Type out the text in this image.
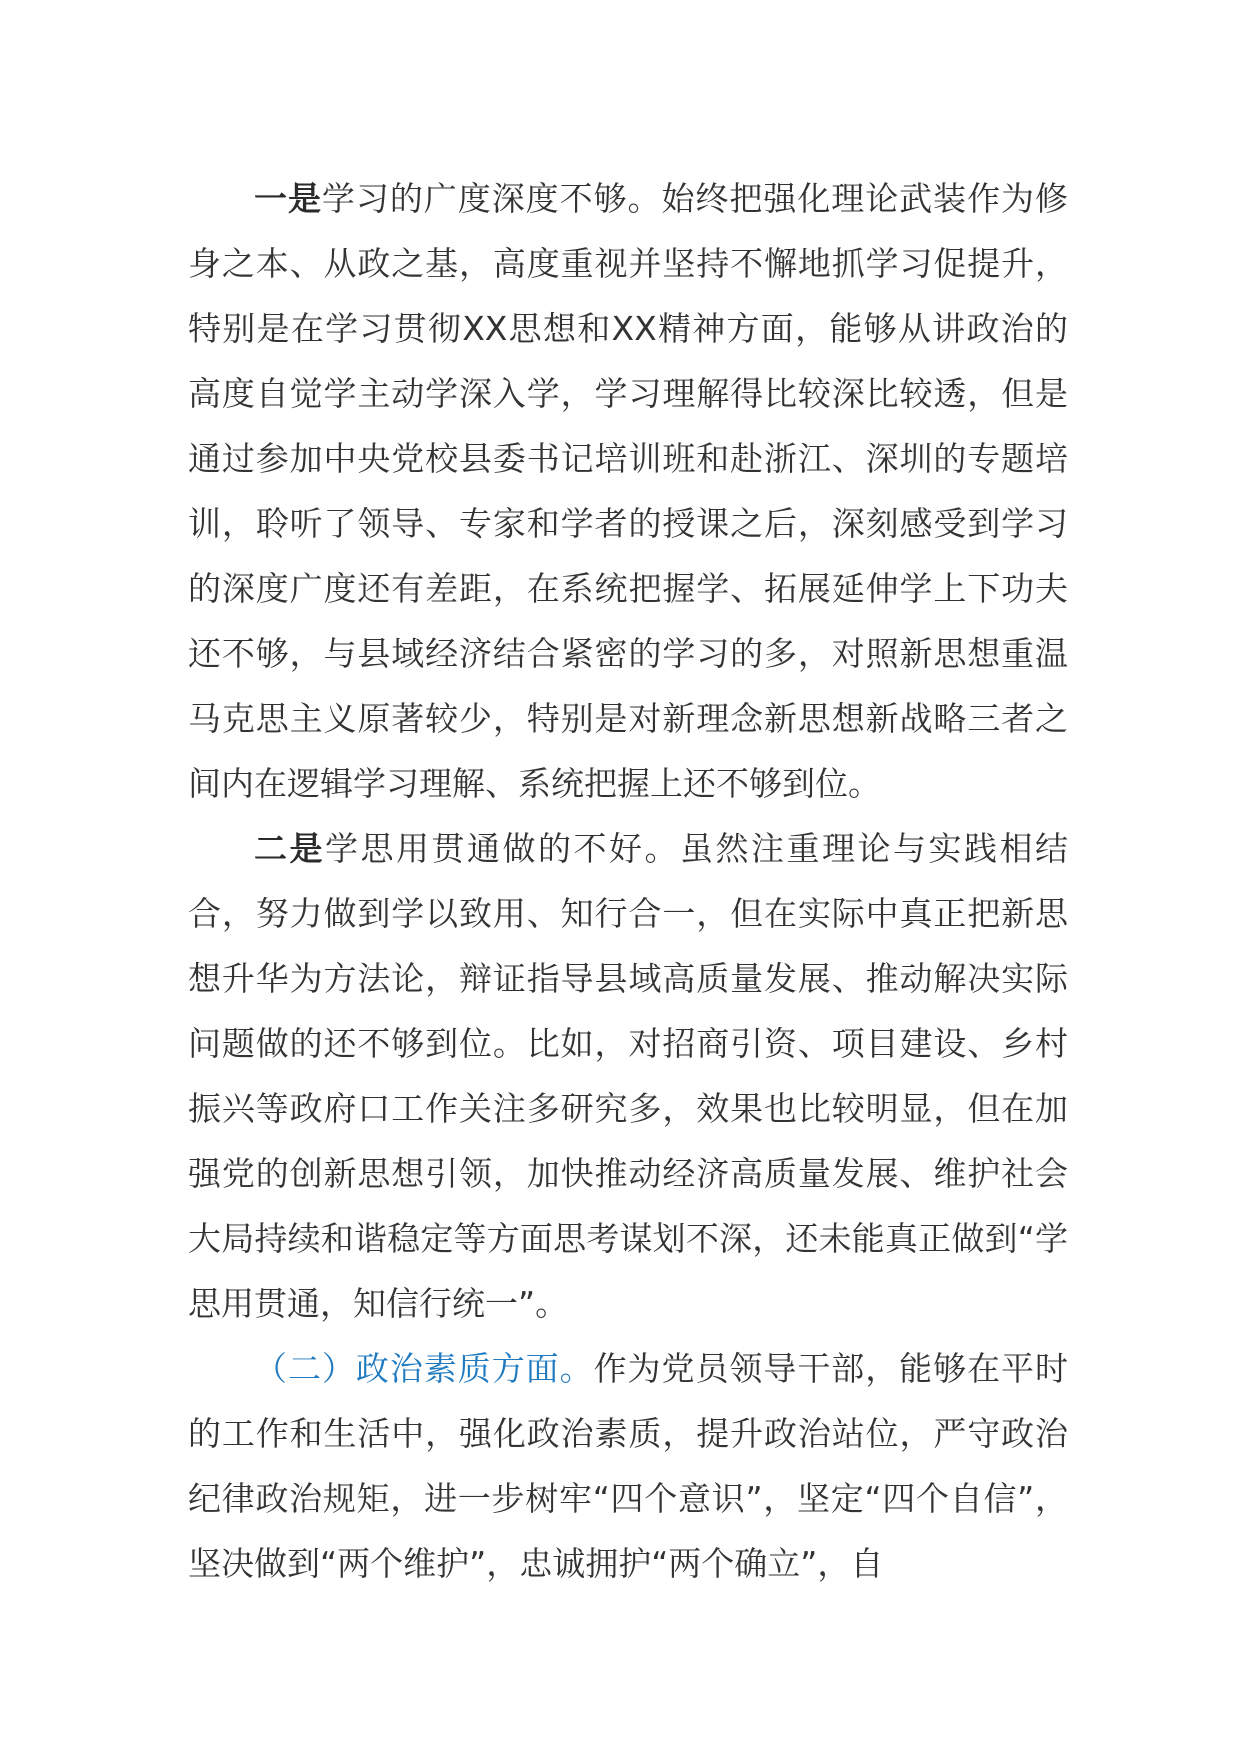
一是学习的广度深度不够。始终把强化理论武装作为修身之本、从政之基，高度重视并坚持不懈地抓学习促提升，特别是在学习贯彻XX思想和XX精神方面，能够从讲政治的高度自觉学主动学深入学，学习理解得比较深比较透，但是通过参加中央党校县委书记培训班和赴浙江、深圳的专题培训，聆听了领导、专家和学者的授课之后，深刻感受到学习的深度广度还有差距，在系统把握学、拓展延伸学上下功夫还不够，与县域经济结合紧密的学习的多，对照新思想重温马克思主义原著较少，特别是对新理念新思想新战略三者之间内在逻辑学习理解、系统把握上还不够到位。

二是学思用贯通做的不好。虽然注重理论与实践相结合，努力做到学以致用、知行合一，但在实际中真正把新思想升华为方法论，辩证指导县域高质量发展、推动解决实际问题做的还不够到位。比如，对招商引资、项目建设、乡村振兴等政府口工作关注多研究多，效果也比较明显，但在加强党的创新思想引领，加快推动经济高质量发展、维护社会大局持续和谐稳定等方面思考谋划不深，还未能真正做到“学思用贯通，知信行统一”。

（二）政治素质方面。作为党员领导干部，能够在平时的工作和生活中，强化政治素质，提升政治站位，严守政治纪律政治规矩，进一步树牢“四个意识”，坚定“四个自信”，坚决做到“两个维护”，忠诚拥护“两个确立”，自
